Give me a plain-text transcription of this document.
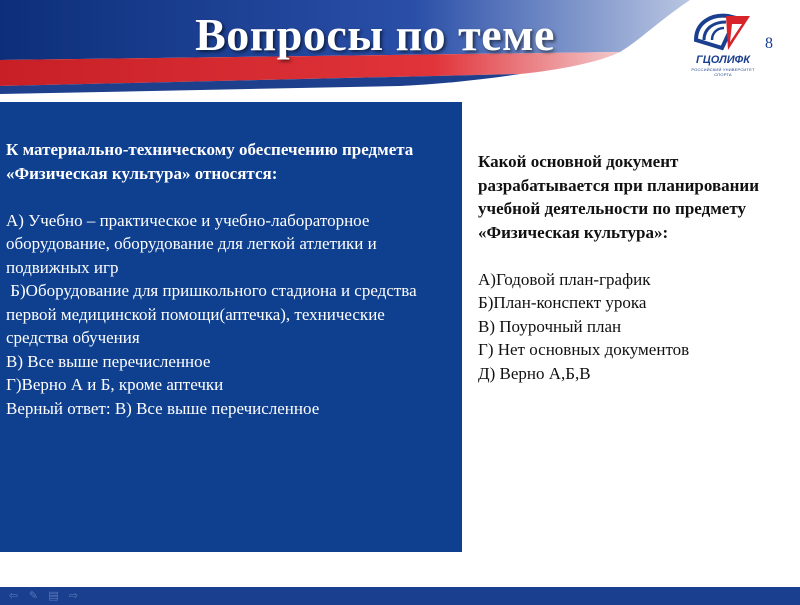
Вопросы по теме	ГЦОЛИФК
РОССИЙСКИЙ УНИВЕРСИТЕТ СПОРТА
8
К материально-техническому обеспечению предмета «Физическая культура» относятся:
А) Учебно – практическое и учебно-лабораторное оборудование, оборудование для легкой атлетики и подвижных игр
Б)Оборудование для пришкольного стадиона и средства первой медицинской помощи(аптечка), технические средства обучения
В) Все выше перечисленное
Г)Верно А и Б, кроме аптечки
Верный ответ: В) Все выше перечисленное
Какой основной документ разрабатывается при планировании учебной деятельности по предмету «Физическая культура»:
А)Годовой план-график
Б)План-конспект урока
В) Поурочный план
Г) Нет основных документов
Д) Верно А,Б,В
⇦ ✎ ▤ ⇨
